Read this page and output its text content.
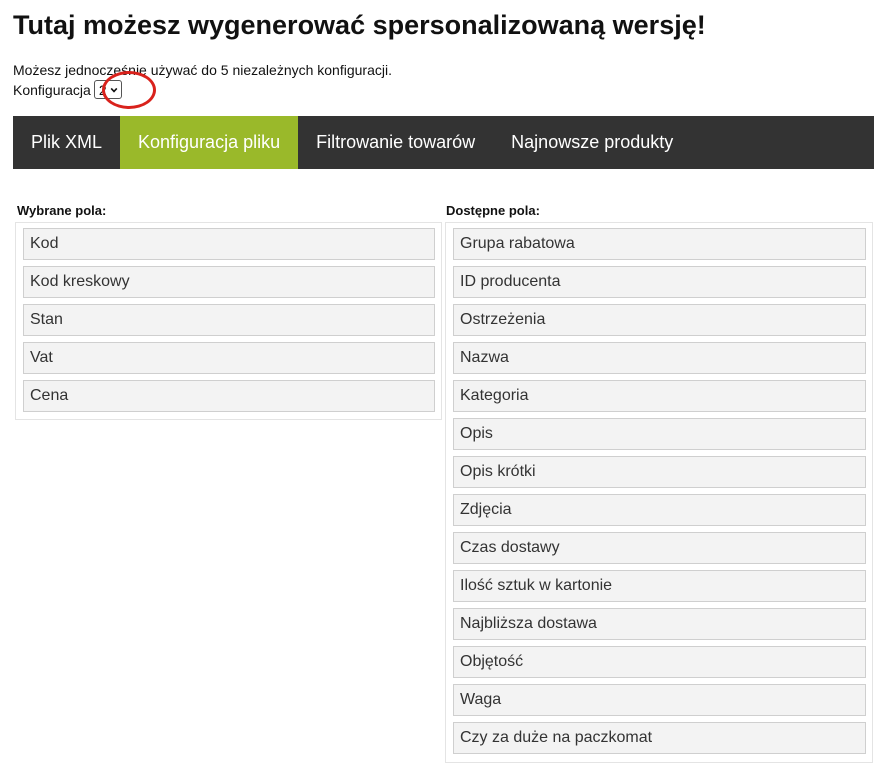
Tutaj możesz wygenerować spersonalizowaną wersję!
Możesz jednocześnie używać do 5 niezależnych konfiguracji.
Konfiguracja 2
Plik XML	Konfiguracja pliku	Filtrowanie towarów	Najnowsze produkty
Wybrane pola:	Dostępne pola:
Kod
Kod kreskowy
Stan
Vat
Cena
Grupa rabatowa
ID producenta
Ostrzeżenia
Nazwa
Kategoria
Opis
Opis krótki
Zdjęcia
Czas dostawy
Ilość sztuk w kartonie
Najbliższa dostawa
Objętość
Waga
Czy za duże na paczkomat
